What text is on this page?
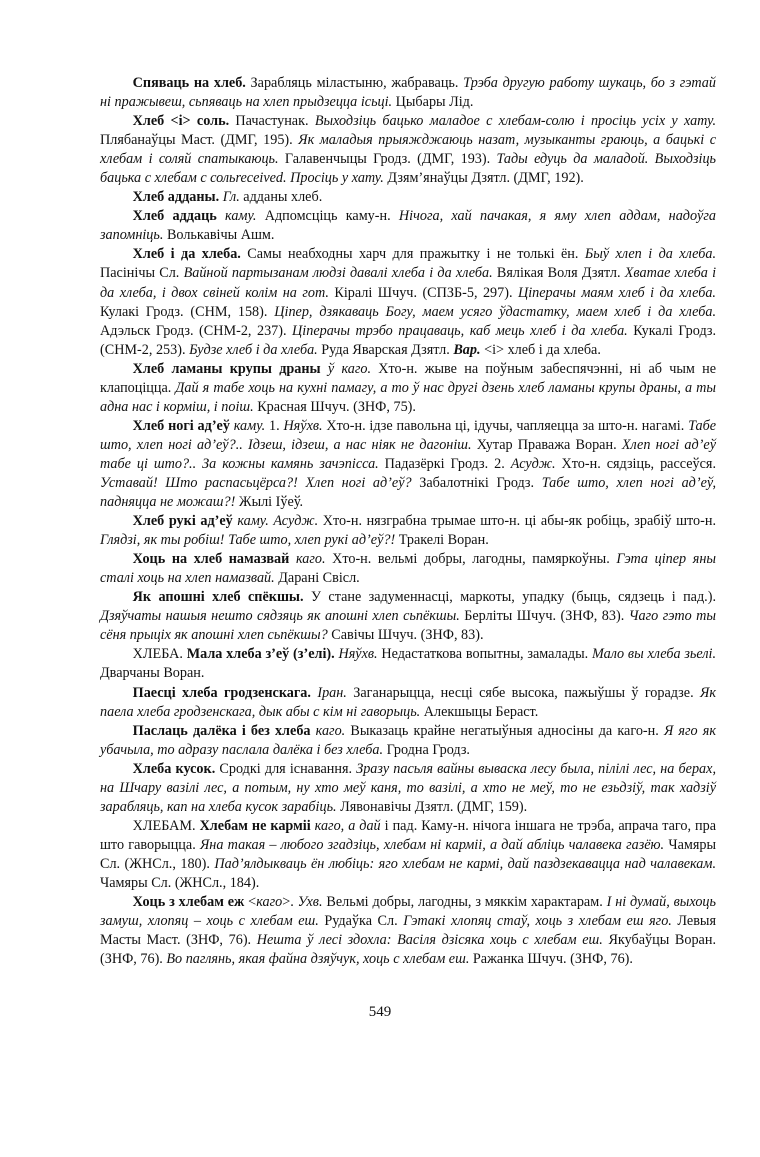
Спяваць на хлеб. Зарабляць міластыню, жабраваць. Трэба другую работу шукаць, бо з гэтай ні пражывеш, сьпяваць на хлеп прыдзецца ісьці. Цыбары Лід.

Хлеб <i> соль. Пачастунак. Выходзіць бацько маладое с хлебам-солю і просіць усіх у хату. Плябанаўцы Маст. (ДМГ, 195). Як маладыя прыяжджаюць назат, музыканты граюць, а бацькі с хлебам і соляй спатыкаюць. Галавенчыцы Гродз. (ДМГ, 193). Тады едуць да маладой. Выходзіць бацька с хлебам с сольreceived. Просіць у хату. Дзям’янаўцы Дзятл. (ДМГ, 192).

Хлеб адданы. Гл. адданы хлеб.

Хлеб аддаць каму. Адпомсціць каму-н. Нічога, хай пачакая, я яму хлеп аддам, надоўга запомніць. Волькавічы Ашм.

Хлеб і да хлеба. Самы неабходны харч для пражытку і не толькі ён. Быў хлеп і да хлеба. Пасінічы Сл. Вайной партызанам людзі давалі хлеба і да хлеба. Вялікая Воля Дзятл. Хватае хлеба і да хлеба, і двох свіней колім на гот. Кіралі Шчуч. (СПЗБ-5, 297). Ціперачы маям хлеб і да хлеба. Кулакі Гродз. (СНМ, 158). Ціпер, дзякаваць Богу, маем усяго ўдастатку, маем хлеб і да хлеба. Адэльск Гродз. (СНМ-2, 237). Ціперачы трэбо працаваць, каб мець хлеб і да хлеба. Кукалі Гродз. (СНМ-2, 253). Будзе хлеб і да хлеба. Руда Яварская Дзятл. Вар. <i> хлеб і да хлеба.

Хлеб ламаны крупы драны ў каго. Хто-н. жыве на поўным забеспячэнні, ні аб чым не клапоціцца. Дай я табе хоць на кухні памагу, а то ў нас другі дзень хлеб ламаны крупы драны, а ты адна нас і корміш, і поіш. Красная Шчуч. (ЗНФ, 75).

Хлеб ногі ад’еў каму. 1. Няўхв. Хто-н. ідзе павольна ці, ідучы, чапляецца за што-н. нагамі. Табе што, хлеп ногі ад’еў?.. Ідзеш, ідзеш, а нас ніяк не дагоніш. Хутар Праважа Воран. Хлеп ногі ад’еў табе ці што?.. За кожны камянь зачэпісса. Падазёркі Гродз. 2. Асудж. Хто-н. сядзіць, рассеўся. Уставай! Што распасьцёрса?! Хлеп ногі ад’еў? Забалотнікі Гродз. Табе што, хлеп ногі ад’еў, падняцца не можаш?! Жылі Іўеў.

Хлеб рукі ад’еў каму. Асудж. Хто-н. нязграбна трымае што-н. ці абы-як робіць, зрабіў што-н. Глядзі, як ты робіш! Табе што, хлеп рукі ад’еў?! Тракелі Воран.

Хоць на хлеб намазвай каго. Хто-н. вельмі добры, лагодны, памяркоўны. Гэта ціпер яны сталі хоць на хлеп намазвай. Дарані Свісл.

Як апошні хлеб спёкшы. У стане задуменнасці, маркоты, упадку (быць, сядзець і пад.). Дзяўчаты нашыя нешто сядзяць як апошні хлеп сьпёкшы. Берліты Шчуч. (ЗНФ, 83). Чаго гэто ты сёня прыціх як апошні хлеп сьпёкшы? Савічы Шчуч. (ЗНФ, 83).

ХЛЕБА. Мала хлеба з’еў (з’елі). Няўхв. Недастаткова вопытны, замалады. Мало вы хлеба зьелі. Дварчаны Воран.

Паесці хлеба гродзенскага. Іран. Заганарыцца, несці сябе высока, пажыўшы ў горадзе. Як паела хлеба гродзенскага, дык абы с кім ні гаворыць. Алекшыцы Бераст.

Паслаць далёка і без хлеба каго. Выказаць крайне негатыўныя адносіны да каго-н. Я яго як убачыла, то адразу паслала далёка і без хлеба. Гродна Гродз.

Хлеба кусок. Сродкі для існавання. Зразу пасьля вайны вываска лесу была, пілілі лес, на берах, на Шчару вазілі лес, а потым, ну хто меў каня, то вазілі, а хто не меў, то не езьдзіў, так хадзіў зарабляць, кап на хлеба кусок зарабіць. Лявонавічы Дзятл. (ДМГ, 159).

ХЛЕБАМ. Хлебам не карміі каго, а дай і пад. Каму-н. нічога іншага не трэба, апрача таго, пра што гаворыцца. Яна такая – любого згадзіць, хлебам ні карміі, а дай абліць чалавека газёю. Чамяры Сл. (ЖНСл., 180). Пад’ялдыкваць ён любіць: яго хлебам не кармі, дай паздзекавацца над чалавекам. Чамяры Сл. (ЖНСл., 184).

Хоць з хлебам еж <каго>. Ухв. Вельмі добры, лагодны, з мяккім характарам. І ні думай, выхоць замуш, хлопяц – хоць с хлебам еш. Рудаўка Сл. Гэтакі хлопяц стаў, хоць з хлебам еш яго. Левыя Масты Маст. (ЗНФ, 76). Нешта ў лесі здохла: Васіля дзісяка хоць с хлебам еш. Якубаўцы Воран. (ЗНФ, 76). Во паглянь, якая файна дзяўчук, хоць с хлебам еш. Ражанка Шчуч. (ЗНФ, 76).

549
